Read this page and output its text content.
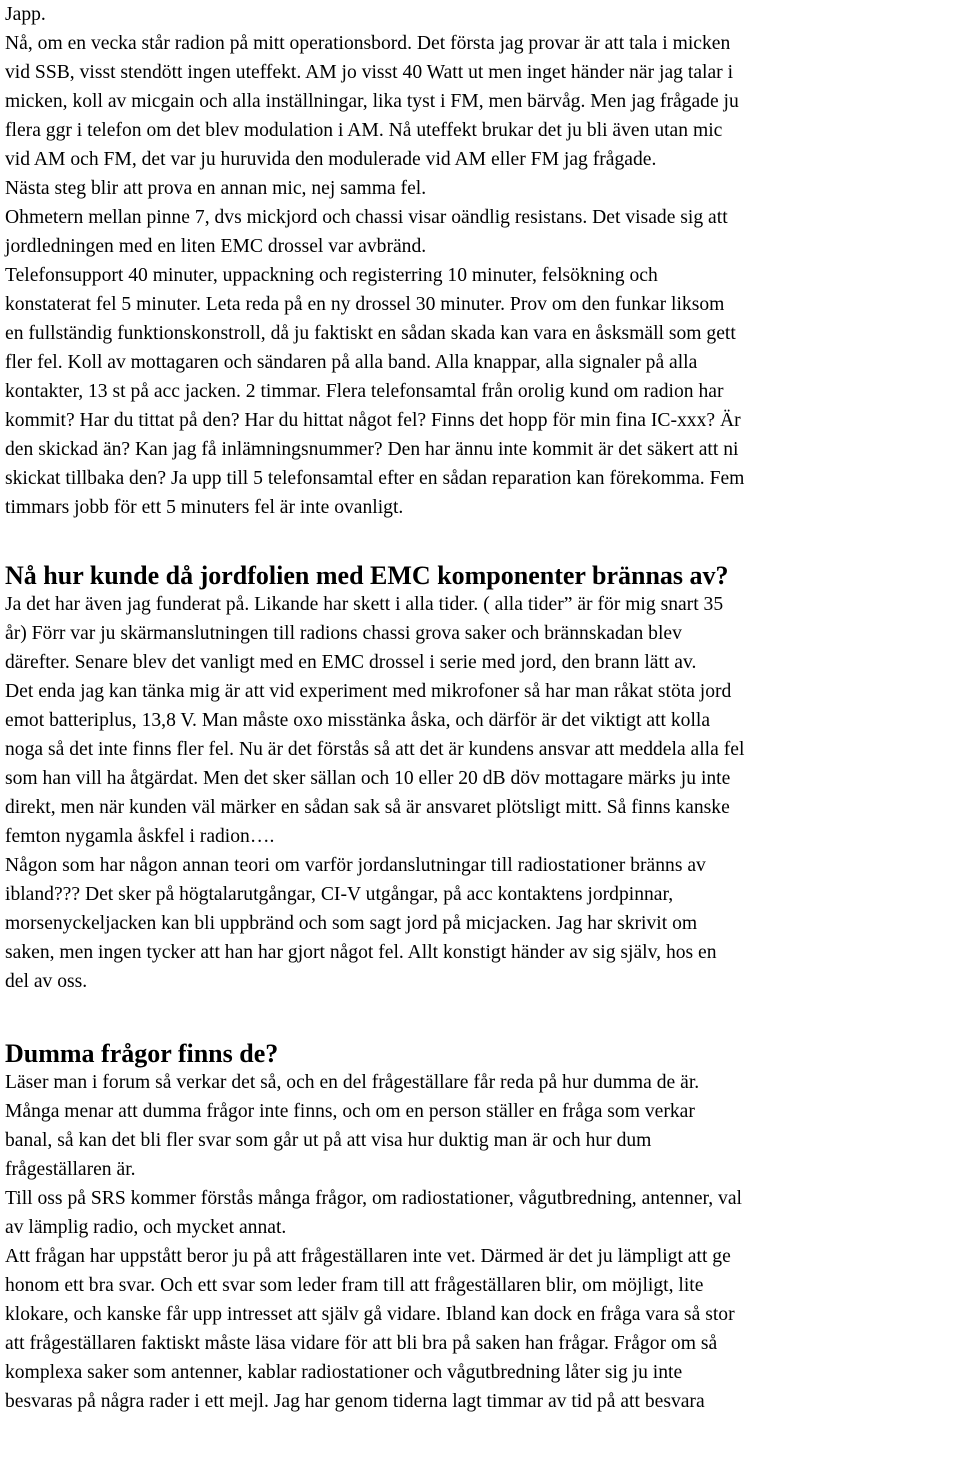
Japp.

Nå, om en vecka står radion på mitt operationsbord. Det första jag provar är att tala i micken

vid SSB, visst stendött ingen uteffekt. AM jo visst 40 Watt ut men inget händer när jag talar i

micken, koll av micgain och alla inställningar, lika tyst i FM, men bärvåg. Men jag frågade ju

flera ggr i telefon om det blev modulation i AM. Nå uteffekt brukar det ju bli även utan mic

vid AM och FM, det var ju huruvida den modulerade vid AM eller FM jag frågade.

Nästa steg blir att prova en annan mic, nej samma fel.

Ohmetern mellan pinne 7, dvs mickjord och chassi visar oändlig resistans. Det visade sig att

jordledningen med en liten EMC drossel var avbränd.

Telefonsupport 40 minuter, uppackning och registerring 10 minuter, felsökning och

konstaterat fel 5 minuter. Leta reda på en ny drossel 30 minuter. Prov om den funkar liksom

en fullständig funktionskonstroll, då ju faktiskt en sådan skada kan vara en åsksmäll som gett

fler fel. Koll av mottagaren och sändaren på alla band. Alla knappar, alla signaler på alla

kontakter, 13 st på acc jacken. 2 timmar. Flera telefonsamtal från orolig kund om radion har

kommit? Har du tittat på den? Har du hittat något fel? Finns det hopp för min fina IC-xxx? Är

den skickad än? Kan jag få inlämningsnummer? Den har ännu inte kommit är det säkert att ni

skickat tillbaka den? Ja upp till 5 telefonsamtal efter en sådan reparation kan förekomma. Fem

timmars jobb för ett 5 minuters fel är inte ovanligt.

Nå hur kunde då jordfolien med EMC komponenter brännas av?

Ja det har även jag funderat på. Likande har skett i alla tider. ( alla tider” är för mig snart 35

år) Förr var ju skärmanslutningen till radions chassi grova saker och brännskadan blev

därefter. Senare blev det vanligt med en EMC drossel i serie med jord, den brann lätt av.

Det enda jag kan tänka mig är att vid experiment med mikrofoner så har man råkat stöta jord

emot batteriplus, 13,8 V. Man måste oxo misstänka åska, och därför är det viktigt att kolla

noga så det inte finns fler fel. Nu är det förstås så att det är kundens ansvar att meddela alla fel

som han vill ha åtgärdat. Men det sker sällan och 10 eller 20 dB döv mottagare märks ju inte

direkt, men när kunden väl märker en sådan sak så är ansvaret plötsligt mitt. Så finns kanske

femton nygamla åskfel i radion….

Någon som har någon annan teori om varför jordanslutningar till radiostationer bränns av

ibland??? Det sker på högtalarutgångar, CI-V utgångar, på acc kontaktens jordpinnar,

morsenyckeljacken kan bli uppbränd och som sagt jord på micjacken. Jag har skrivit om

saken, men ingen tycker att han har gjort något fel. Allt konstigt händer av sig själv, hos en

del av oss.

Dumma frågor finns de?

Läser man i forum så verkar det så, och en del frågeställare får reda på hur dumma de är.

Många menar att dumma frågor inte finns, och om en person ställer en fråga som verkar

banal, så kan det bli fler svar som går ut på att visa hur duktig man är och hur dum

frågeställaren är.

Till oss på SRS kommer förstås många frågor, om radiostationer, vågutbredning, antenner, val

av lämplig radio, och mycket annat.

Att frågan har uppstått beror ju på att frågeställaren inte vet. Därmed är det ju lämpligt att ge

honom ett bra svar. Och ett svar som leder fram till att frågeställaren blir, om möjligt, lite

klokare, och kanske får upp intresset att själv gå vidare. Ibland kan dock en fråga vara så stor

att frågeställaren faktiskt måste läsa vidare för att bli bra på saken han frågar. Frågor om så

komplexa saker som antenner, kablar radiostationer och vågutbredning låter sig ju inte

besvaras på några rader i ett mejl. Jag har genom tiderna lagt timmar av tid på att besvara
